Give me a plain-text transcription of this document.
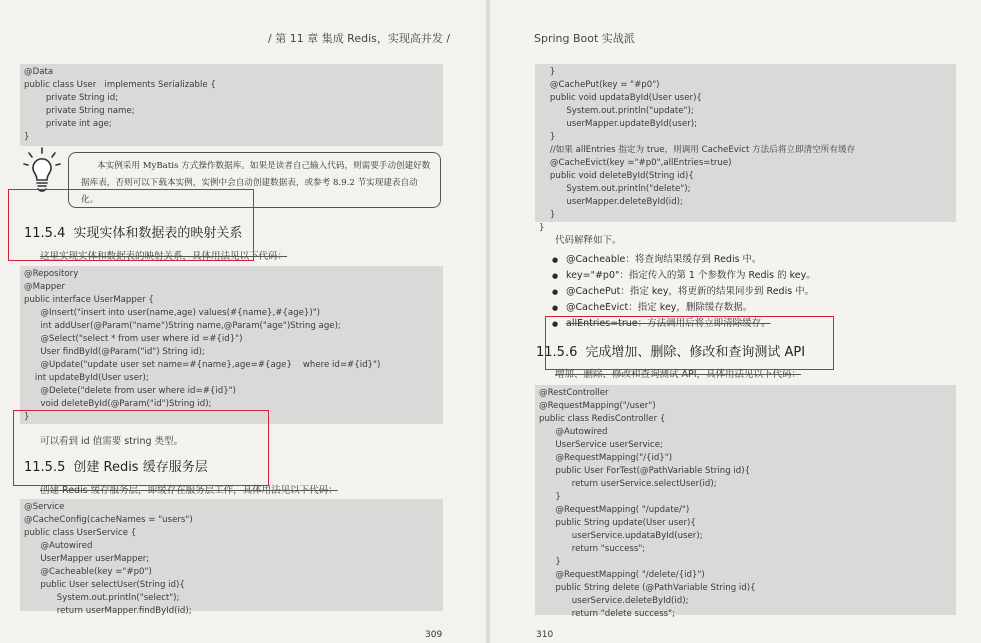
/ 第 11 章 集成 Redis，实现高并发 /
@Data
public class User   implements Serializable {
private String id;
private String name;
private int age;
}
本实例采用 MyBatis 方式操作数据库。如果是读者自己输入代码，则需要手动创建好数据库表，否则可以下载本实例，实例中会自动创建数据表，或参考 8.9.2 节实现建表自动化。
11.5.4 实现实体和数据表的映射关系
这里实现实体和数据表的映射关系，具体用法见以下代码：
@Repository
@Mapper
public interface UserMapper {
@Insert("insert into user(name,age) values(#{name},#{age})")
int addUser(@Param("name")String name,@Param("age")String age);
@Select("select * from user where id =#{id}")
User findById(@Param("id") String id);
@Update("update user set name=#{name},age=#{age}    where id=#{id}")
int updateById(User user);
@Delete("delete from user where id=#{id}")
void deleteById(@Param("id")String id);
}
可以看到 id 值需要 string 类型。
11.5.5 创建 Redis 缓存服务层
创建 Redis 缓存服务层，即缓存在服务层工作，具体用法见以下代码：
@Service
@CacheConfig(cacheNames = "users")
public class UserService {
@Autowired
UserMapper userMapper;
@Cacheable(key ="#p0")
public User selectUser(String id){
System.out.println("select");
return userMapper.findById(id);
309
Spring Boot 实战派
}
@CachePut(key = "#p0")
public void updataById(User user){
System.out.println("update");
userMapper.updateById(user);
}
//如果 allEntries 指定为 true，则调用 CacheEvict 方法后将立即清空所有缓存
@CacheEvict(key ="#p0",allEntries=true)
public void deleteById(String id){
System.out.println("delete");
userMapper.deleteById(id);
}
}
代码解释如下。
● @Cacheable：将查询结果缓存到 Redis 中。
● key="#p0"：指定传入的第 1 个参数作为 Redis 的 key。
● @CachePut：指定 key，将更新的结果同步到 Redis 中。
● @CacheEvict：指定 key，删除缓存数据。
● allEntries=true：方法调用后将立即清除缓存。
11.5.6 完成增加、删除、修改和查询测试 API
增加、删除、修改和查询测试 API，具体用法见以下代码：
@RestController
@RequestMapping("/user")
public class RedisController {
@Autowired
UserService userService;
@RequestMapping("/{id}")
public User ForTest(@PathVariable String id){
return userService.selectUser(id);
}
@RequestMapping( "/update/")
public String update(User user){
userService.updataById(user);
return "success";
}
@RequestMapping( "/delete/{id}")
public String delete (@PathVariable String id){
userService.deleteById(id);
return "delete success";
310
